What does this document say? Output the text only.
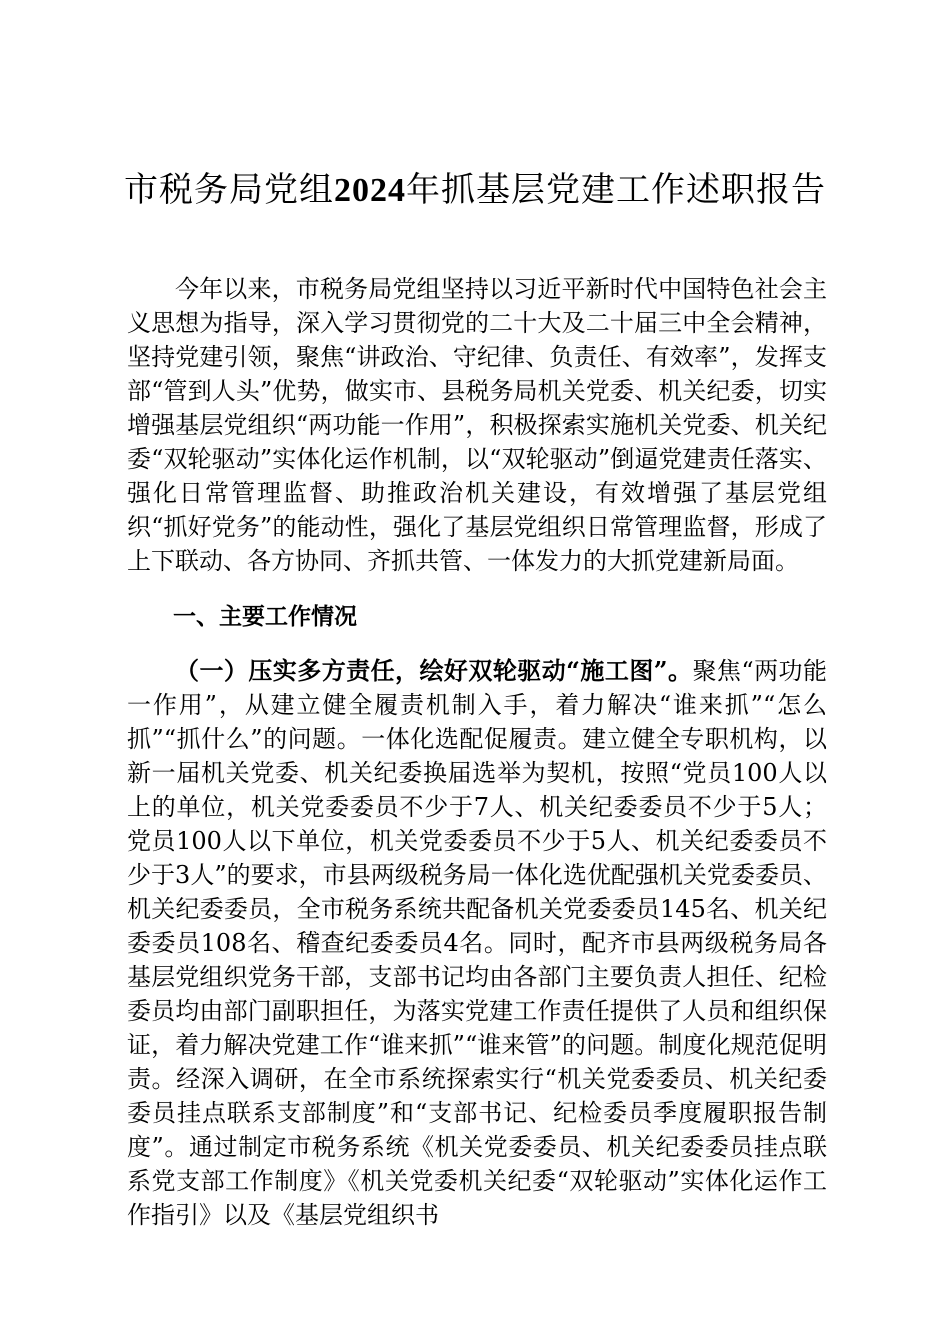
市税务局党组2024年抓基层党建工作述职报告

今年以来，市税务局党组坚持以习近平新时代中国特色社会主义思想为指导，深入学习贯彻党的二十大及二十届三中全会精神，坚持党建引领，聚焦“讲政治、守纪律、负责任、有效率”，发挥支部“管到人头”优势，做实市、县税务局机关党委、机关纪委，切实增强基层党组织“两功能一作用”，积极探索实施机关党委、机关纪委“双轮驱动”实体化运作机制，以“双轮驱动”倒逼党建责任落实、强化日常管理监督、助推政治机关建设，有效增强了基层党组织“抓好党务”的能动性，强化了基层党组织日常管理监督，形成了上下联动、各方协同、齐抓共管、一体发力的大抓党建新局面。

一、主要工作情况

（一）压实多方责任，绘好双轮驱动“施工图”。聚焦“两功能一作用”，从建立健全履责机制入手，着力解决“谁来抓”“怎么抓”“抓什么”的问题。一体化选配促履责。建立健全专职机构，以新一届机关党委、机关纪委换届选举为契机，按照“党员100人以上的单位，机关党委委员不少于7人、机关纪委委员不少于5人；党员100人以下单位，机关党委委员不少于5人、机关纪委委员不少于3人”的要求，市县两级税务局一体化选优配强机关党委委员、机关纪委委员，全市税务系统共配备机关党委委员145名、机关纪委委员108名、稽查纪委委员4名。同时，配齐市县两级税务局各基层党组织党务干部，支部书记均由各部门主要负责人担任、纪检委员均由部门副职担任，为落实党建工作责任提供了人员和组织保证，着力解决党建工作“谁来抓”“谁来管”的问题。制度化规范促明责。经深入调研，在全市系统探索实行“机关党委委员、机关纪委委员挂点联系支部制度”和“支部书记、纪检委员季度履职报告制度”。通过制定市税务系统《机关党委委员、机关纪委委员挂点联系党支部工作制度》《机关党委机关纪委“双轮驱动”实体化运作工作指引》以及《基层党组织书
